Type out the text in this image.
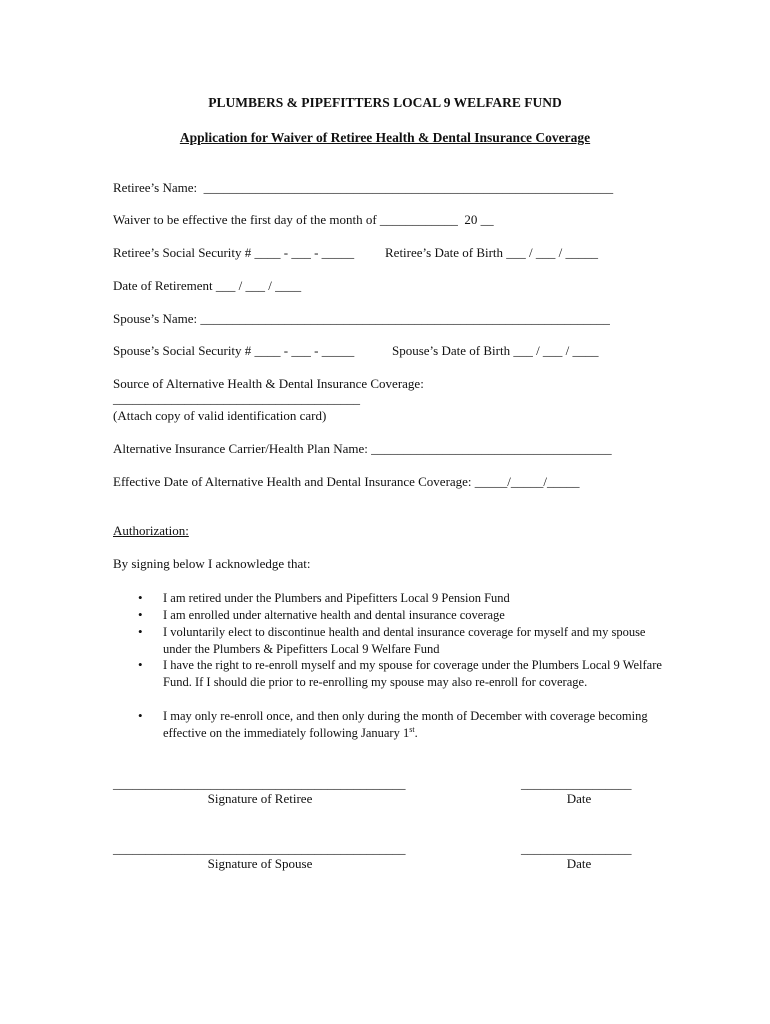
PLUMBERS & PIPEFITTERS LOCAL 9 WELFARE FUND
Application for Waiver of Retiree Health & Dental Insurance Coverage
Retiree’s Name:  _______________________________________________________________
Waiver to be effective the first day of the month of ____________  20 __
Retiree’s Social Security # ____ - ___ - _____ Retiree’s Date of Birth ___ / ___ / _____
Date of Retirement ___ / ___ / ____
Spouse’s Name: _______________________________________________________________
Spouse’s Social Security # ____ - ___ - _____	Spouse’s Date of Birth ___ / ___ / ____
Source of Alternative Health & Dental Insurance Coverage:
______________________________________
(Attach copy of valid identification card)
Alternative Insurance Carrier/Health Plan Name: _____________________________________
Effective Date of Alternative Health and Dental Insurance Coverage: _____/_____/_____
Authorization:
By signing below I acknowledge that:
• I am retired under the Plumbers and Pipefitters Local 9 Pension Fund
• I am enrolled under alternative health and dental insurance coverage
• I voluntarily elect to discontinue health and dental insurance coverage for myself and my spouse under the Plumbers & Pipefitters Local 9 Welfare Fund
• I have the right to re-enroll myself and my spouse for coverage under the Plumbers Local 9 Welfare Fund. If I should die prior to re-enrolling my spouse may also re-enroll for coverage.
• I may only re-enroll once, and then only during the month of December with coverage becoming effective on the immediately following January 1st.
_____________________________________________
Signature of Retiree
_________________
Date
_____________________________________________
Signature of Spouse
_________________
Date
